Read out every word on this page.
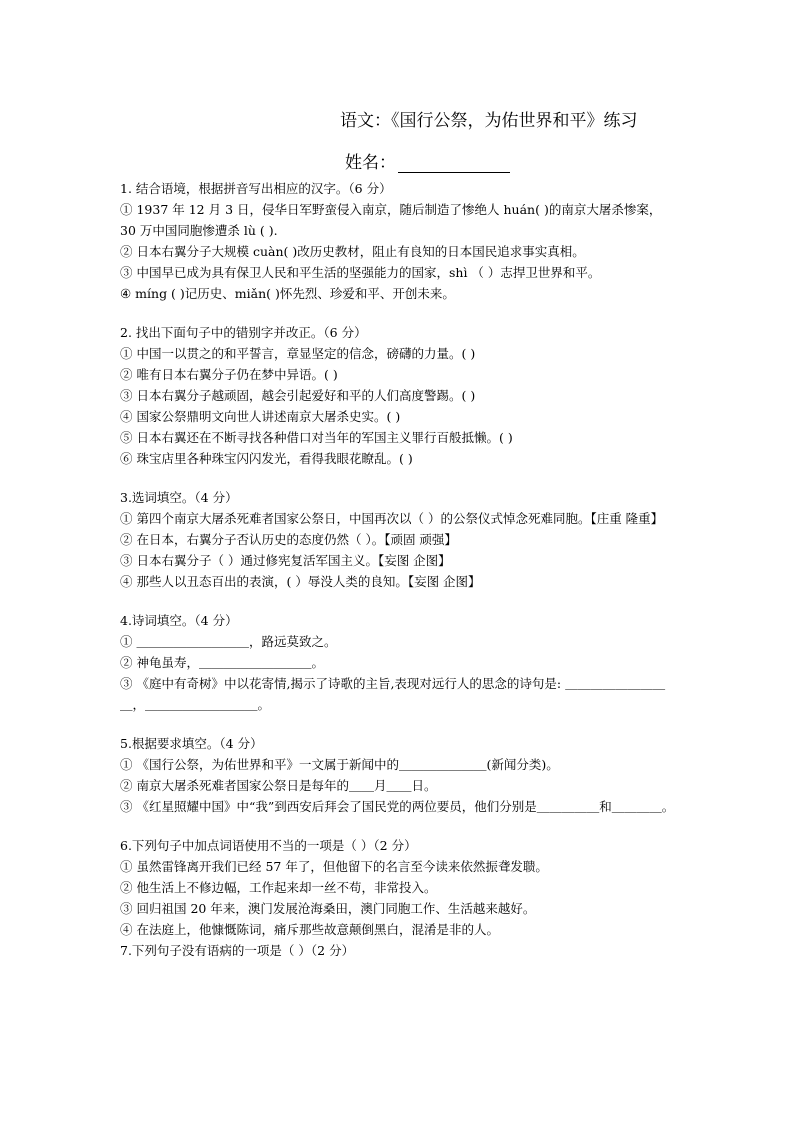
语文：《国行公祭，为佑世界和平》练习
姓名：
1. 结合语境，根据拼音写出相应的汉字。（6 分）
① 1937 年 12 月 3 日，侵华日军野蛮侵入南京，随后制造了惨绝人 huán( )的南京大屠杀惨案，30 万中国同胞惨遭杀 lù ( ).
② 日本右翼分子大规模 cuàn( )改历史教材，阻止有良知的日本国民追求事实真相。
③ 中国早已成为具有保卫人民和平生活的坚强能力的国家，shì （ ）志捍卫世界和平。
④ míng ( )记历史、miǎn( )怀先烈、珍爱和平、开创未来。
2. 找出下面句子中的错别字并改正。（6 分）
① 中国一以贯之的和平誓言，章显坚定的信念，磅礴的力量。( )
② 唯有日本右翼分子仍在梦中异语。( )
③ 日本右翼分子越顽固，越会引起爱好和平的人们高度警踢。( )
④ 国家公祭鼎明文向世人讲述南京大屠杀史实。( )
⑤ 日本右翼还在不断寻找各种借口对当年的军国主义罪行百般抵懒。( )
⑥ 珠宝店里各种珠宝闪闪发光，看得我眼花瞭乱。( )
3.选词填空。（4 分）
① 第四个南京大屠杀死难者国家公祭日，中国再次以（ ）的公祭仪式悼念死难同胞。【庄重 隆重】
② 在日本，右翼分子否认历史的态度仍然（ ）。【顽固 顽强】
③ 日本右翼分子（ ）通过修宪复活军国主义。【妄图 企图】
④ 那些人以丑态百出的表演，( ）辱没人类的良知。【妄图 企图】
4.诗词填空。（4 分）
① ＿＿＿＿＿＿＿＿＿，路远莫致之。
② 神龟虽寿，＿＿＿＿＿＿＿＿＿。
③ 《庭中有奇树》中以花寄情,揭示了诗歌的主旨,表现对远行人的思念的诗句是: ＿＿＿＿＿＿＿＿＿，＿＿＿＿＿＿＿＿＿。
5.根据要求填空。（4 分）
① 《国行公祭，为佑世界和平》一文属于新闻中的＿＿＿＿＿＿＿(新闻分类)。
② 南京大屠杀死难者国家公祭日是每年的＿＿月＿＿日。
③ 《红星照耀中国》中“我”到西安后拜会了国民党的两位要员，他们分别是＿＿＿＿＿和＿＿＿＿。
6.下列句子中加点词语使用不当的一项是（ ）（2 分）
① 虽然雷锋离开我们已经 57 年了，但他留下的名言至今读来依然振聋发聩。
② 他生活上不修边幅，工作起来却一丝不苟，非常投入。
③ 回归祖国 20 年来，澳门发展沧海桑田，澳门同胞工作、生活越来越好。
④ 在法庭上，他慷慨陈词，痛斥那些故意颠倒黑白，混淆是非的人。
7.下列句子没有语病的一项是（ ）（2 分）
